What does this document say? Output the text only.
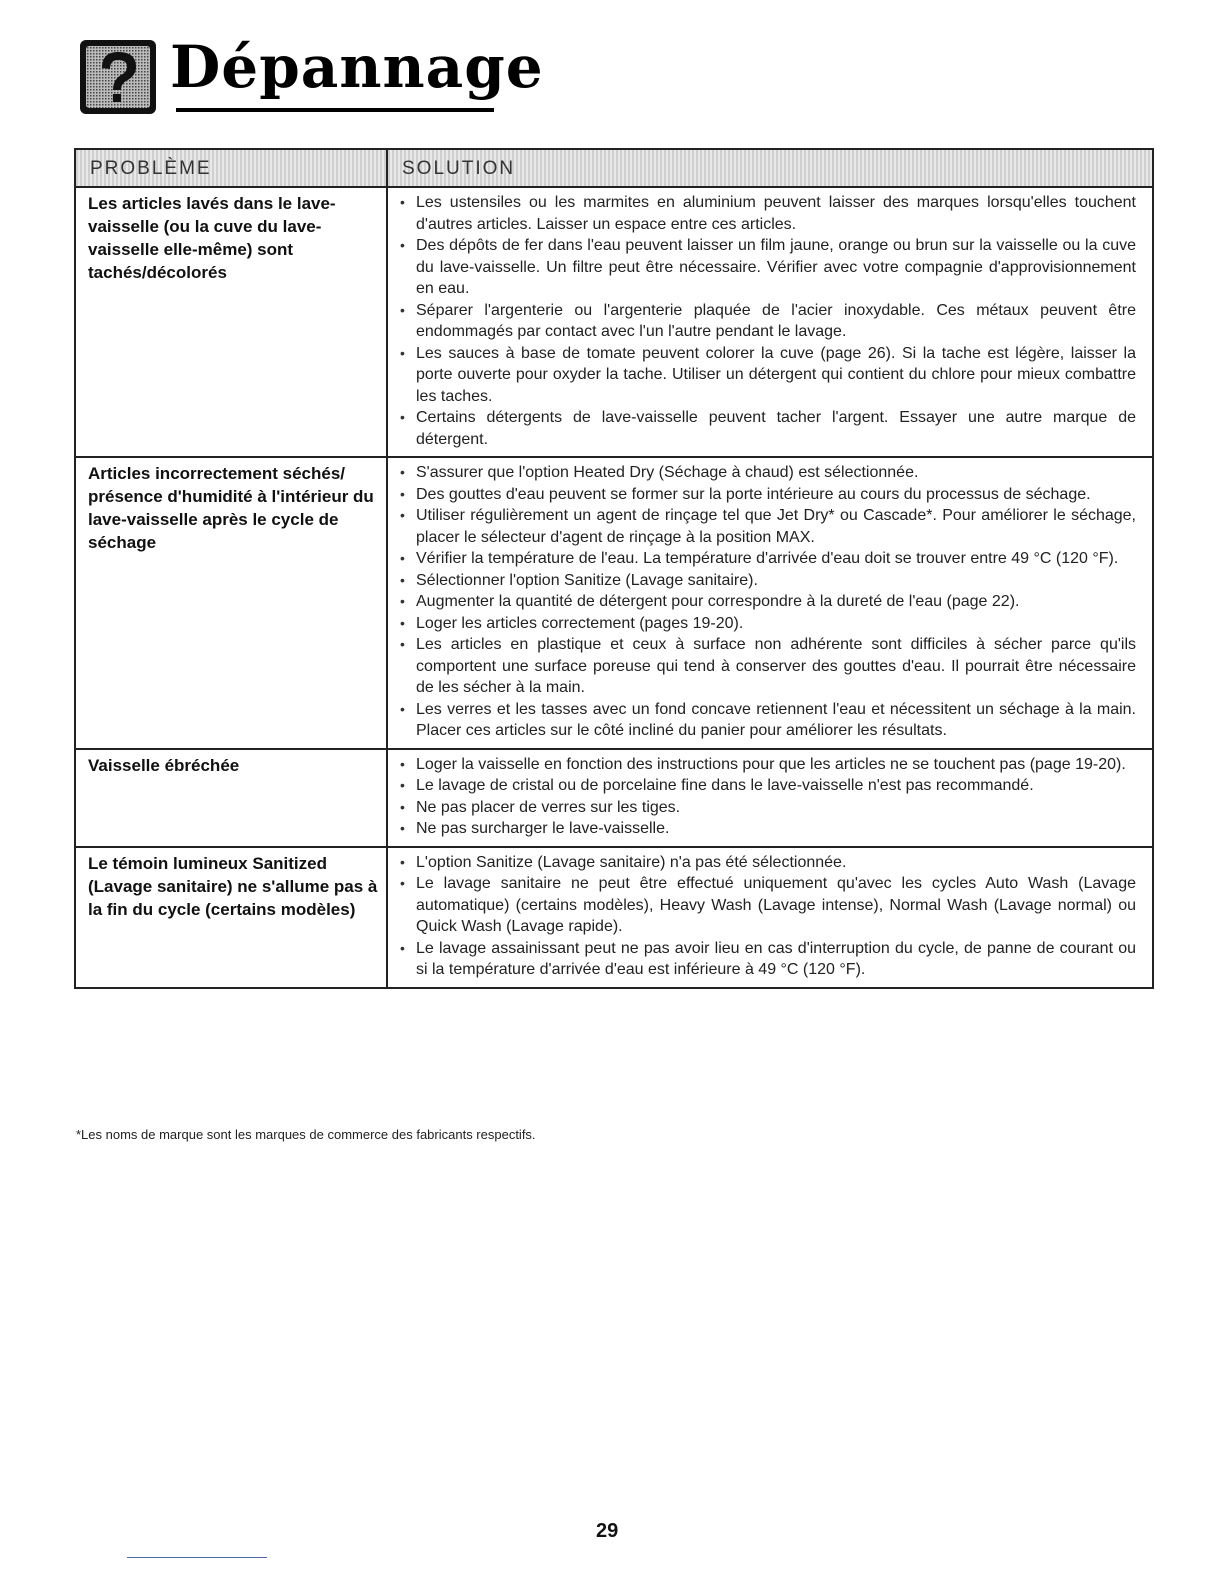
Dépannage
PROBLÈME	SOLUTION
Les articles lavés dans le lave-vaisselle (ou la cuve du lave-vaisselle elle-même) sont tachés/décolorés
• Les ustensiles ou les marmites en aluminium peuvent laisser des marques lorsqu'elles touchent d'autres articles. Laisser un espace entre ces articles.
• Des dépôts de fer dans l'eau peuvent laisser un film jaune, orange ou brun sur la vaisselle ou la cuve du lave-vaisselle. Un filtre peut être nécessaire. Vérifier avec votre compagnie d'approvisionnement en eau.
• Séparer l'argenterie ou l'argenterie plaquée de l'acier inoxydable. Ces métaux peuvent être endommagés par contact avec l'un l'autre pendant le lavage.
• Les sauces à base de tomate peuvent colorer la cuve (page 26). Si la tache est légère, laisser la porte ouverte pour oxyder la tache. Utiliser un détergent qui contient du chlore pour mieux combattre les taches.
• Certains détergents de lave-vaisselle peuvent tacher l'argent. Essayer une autre marque de détergent.
Articles incorrectement séchés/ présence d'humidité à l'intérieur du lave-vaisselle après le cycle de séchage
• S'assurer que l'option Heated Dry (Séchage à chaud) est sélectionnée.
• Des gouttes d'eau peuvent se former sur la porte intérieure au cours du processus de séchage.
• Utiliser régulièrement un agent de rinçage tel que Jet Dry* ou Cascade*. Pour améliorer le séchage, placer le sélecteur d'agent de rinçage à la position MAX.
• Vérifier la température de l'eau. La température d'arrivée d'eau doit se trouver entre 49 °C (120 °F).
• Sélectionner l'option Sanitize (Lavage sanitaire).
• Augmenter la quantité de détergent pour correspondre à la dureté de l'eau (page 22).
• Loger les articles correctement (pages 19-20).
• Les articles en plastique et ceux à surface non adhérente sont difficiles à sécher parce qu'ils comportent une surface poreuse qui tend à conserver des gouttes d'eau. Il pourrait être nécessaire de les sécher à la main.
• Les verres et les tasses avec un fond concave retiennent l'eau et nécessitent un séchage à la main. Placer ces articles sur le côté incliné du panier pour améliorer les résultats.
Vaisselle ébréchée
•	Loger la vaisselle en fonction des instructions pour que les articles ne se touchent pas (page 19-20).
• Le lavage de cristal ou de porcelaine fine dans le lave-vaisselle n'est pas recommandé.
• Ne pas placer de verres sur les tiges.
• Ne pas surcharger le lave-vaisselle.
Le témoin lumineux Sanitized (Lavage sanitaire) ne s'allume pas à la fin du cycle (certains modèles)
• L'option Sanitize (Lavage sanitaire) n'a pas été sélectionnée.
• Le lavage sanitaire ne peut être effectué uniquement qu'avec les cycles Auto Wash (Lavage automatique) (certains modèles), Heavy Wash (Lavage intense), Normal Wash (Lavage normal) ou Quick Wash (Lavage rapide).
• Le lavage assainissant peut ne pas avoir lieu en cas d'interruption du cycle, de panne de courant ou si la température d'arrivée d'eau est inférieure à 49 °C (120 °F).
*Les noms de marque sont les marques de commerce des fabricants respectifs.
29
